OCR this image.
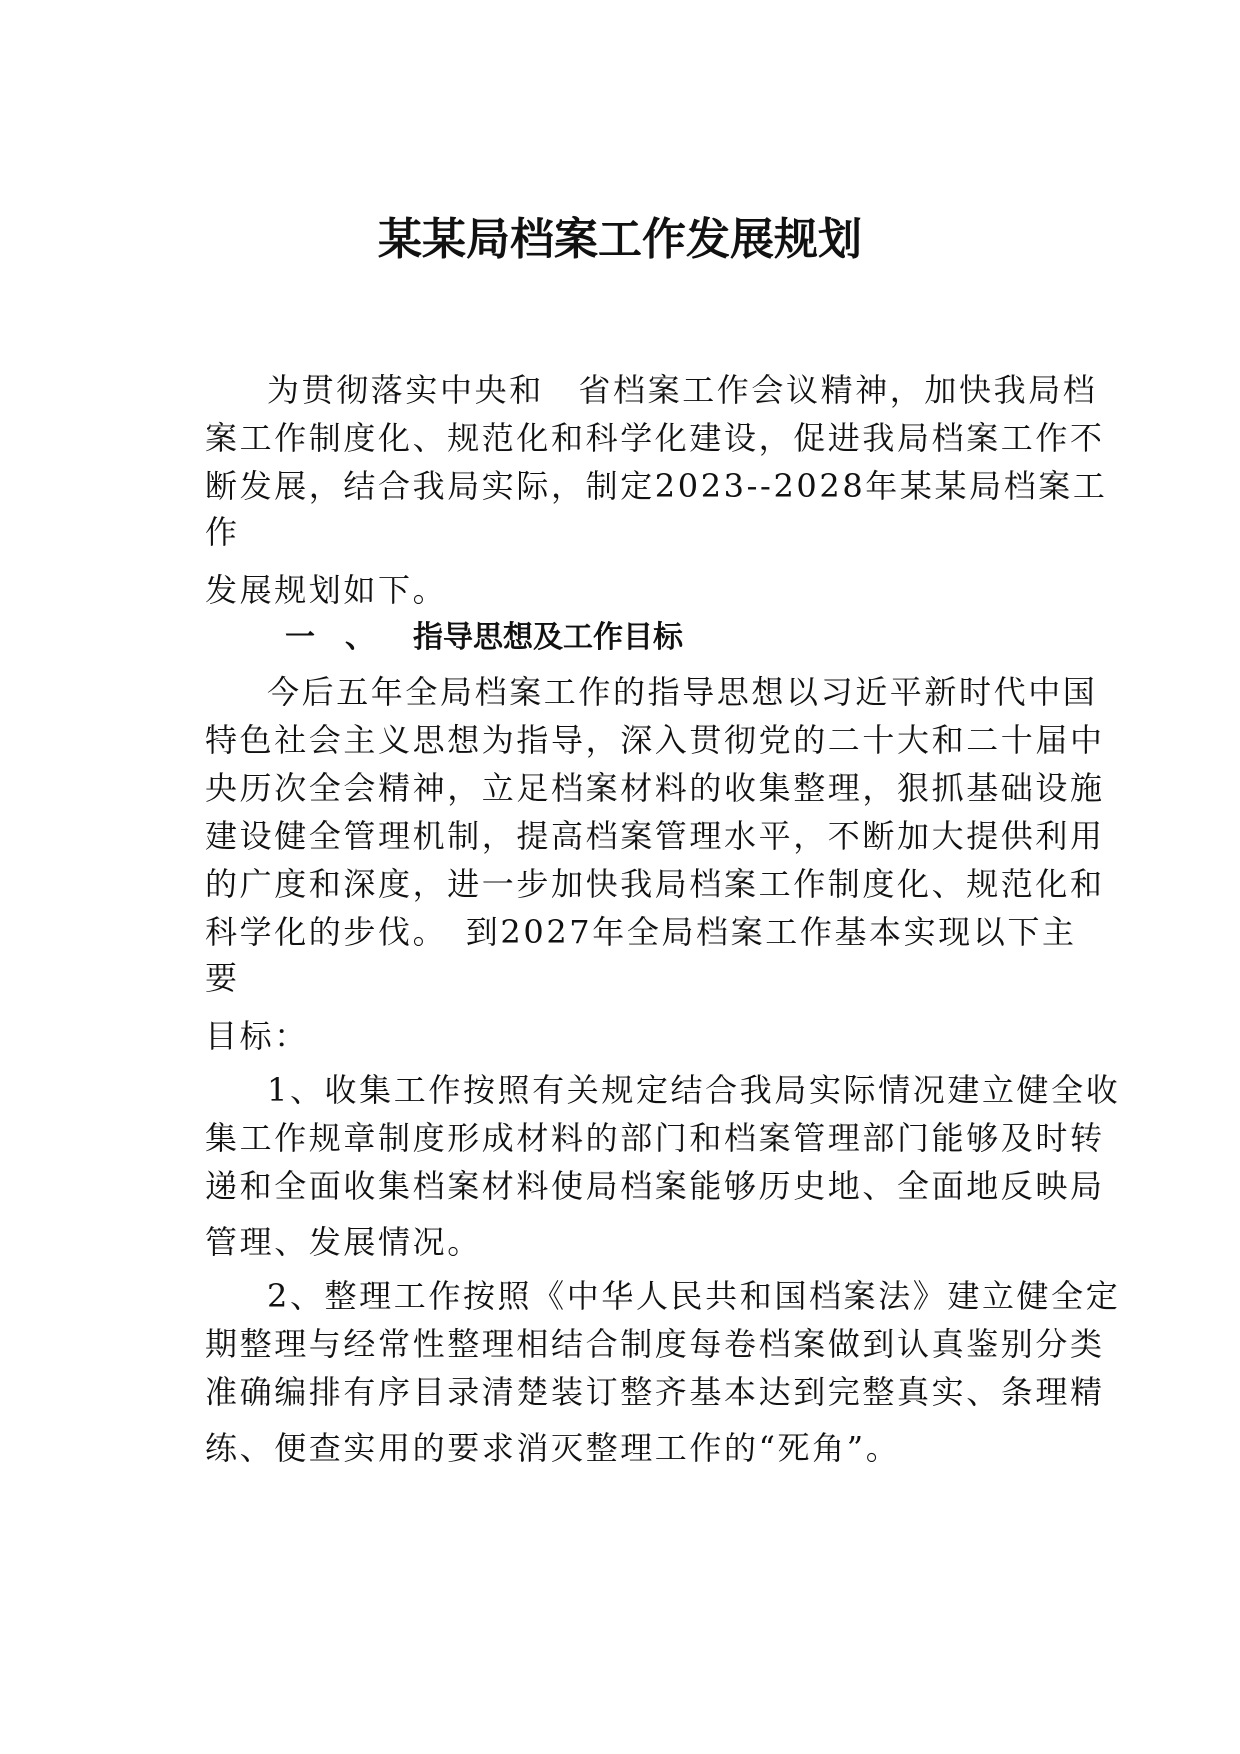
某某局档案工作发展规划
为贯彻落实中央和　省档案工作会议精神，加快我局档
案工作制度化、规范化和科学化建设，促进我局档案工作不
断发展，结合我局实际，制定2023--2028年某某局档案工
作
发展规划如下。
一 、 指导思想及工作目标
今后五年全局档案工作的指导思想以习近平新时代中国
特色社会主义思想为指导，深入贯彻党的二十大和二十届中
央历次全会精神，立足档案材料的收集整理，狠抓基础设施
建设健全管理机制，提高档案管理水平，不断加大提供利用
的广度和深度，进一步加快我局档案工作制度化、规范化和
科学化的步伐。　到2027年全局档案工作基本实现以下主
要
目标：
1、收集工作按照有关规定结合我局实际情况建立健全收
集工作规章制度形成材料的部门和档案管理部门能够及时转
递和全面收集档案材料使局档案能够历史地、全面地反映局
管理、发展情况。
2、整理工作按照《中华人民共和国档案法》建立健全定
期整理与经常性整理相结合制度每卷档案做到认真鉴别分类
准确编排有序目录清楚装订整齐基本达到完整真实、条理精
练、便查实用的要求消灭整理工作的“死角”。
